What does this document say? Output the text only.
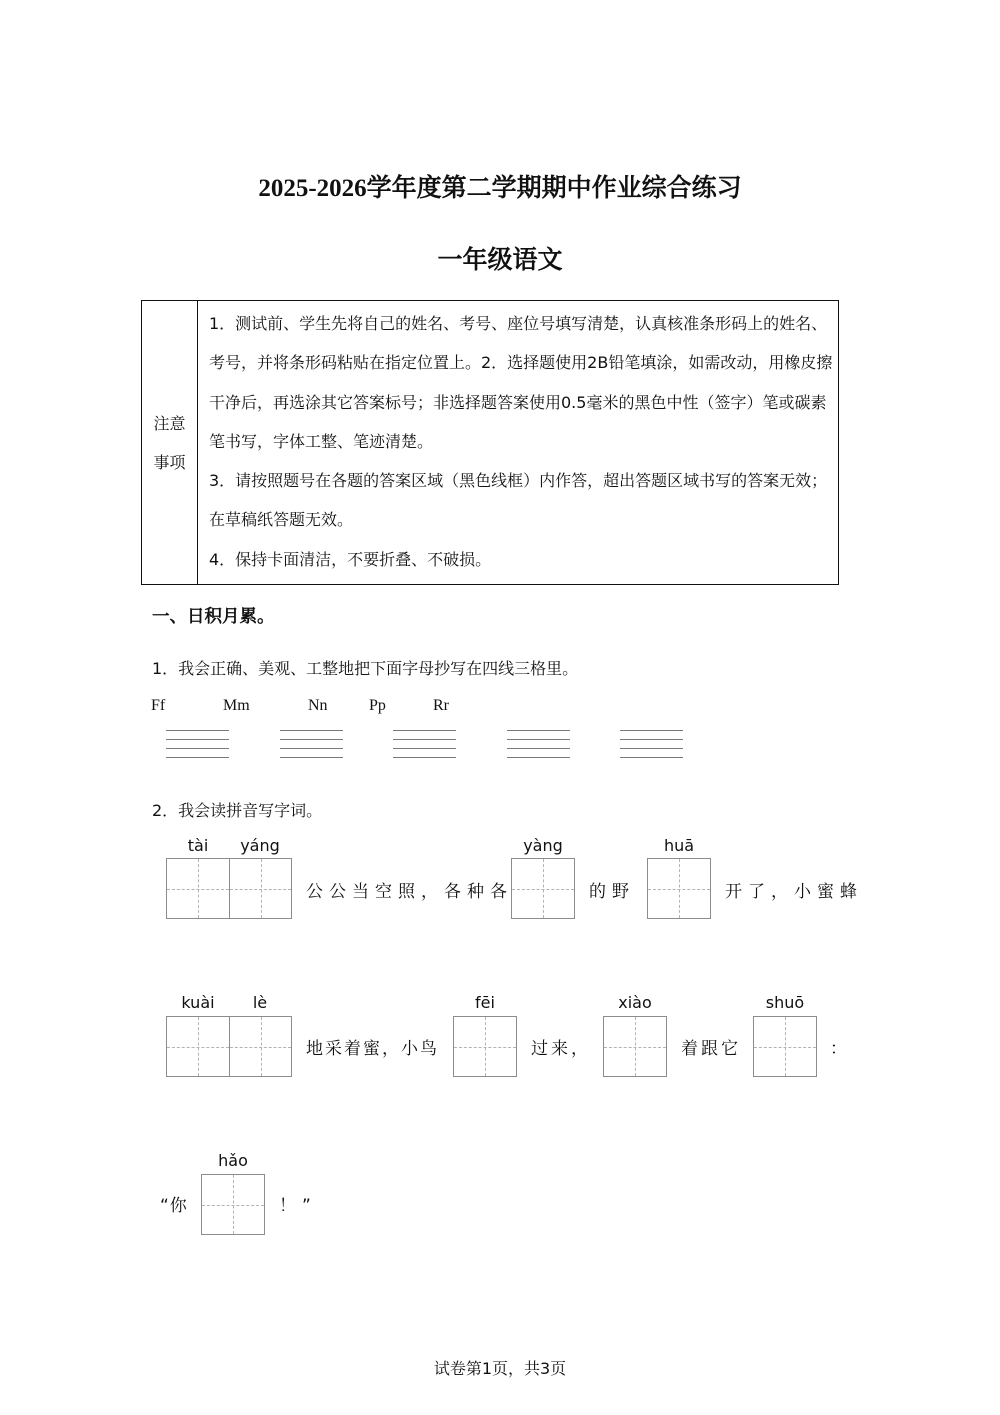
2025-2026学年度第二学期期中作业综合练习
一年级语文
注意
事项

1．测试前、学生先将自己的姓名、考号、座位号填写清楚，认真核准条形码上的姓名、考号，并将条形码粘贴在指定位置上。2．选择题使用2B铅笔填涂，如需改动，用橡皮擦干净后，再选涂其它答案标号；非选择题答案使用0.5毫米的黑色中性（签字）笔或碳素笔书写，字体工整、笔迹清楚。

3．请按照题号在各题的答案区域（黑色线框）内作答，超出答题区域书写的答案无效；在草稿纸答题无效。

4．保持卡面清洁，不要折叠、不破损。

一、日积月累。
1．我会正确、美观、工整地把下面字母抄写在四线三格里。
Ff	Mm	Nn	Pp	Rr
2．我会读拼音写字词。
tài	yáng
公公当空照，各种各
yàng
的野
huā
开了，小蜜蜂
kuài	lè
地采着蜜，小鸟
fēi
过来，
xiào
着跟它
shuō
：
“你
hǎo
！”
试卷第1页，共3页
